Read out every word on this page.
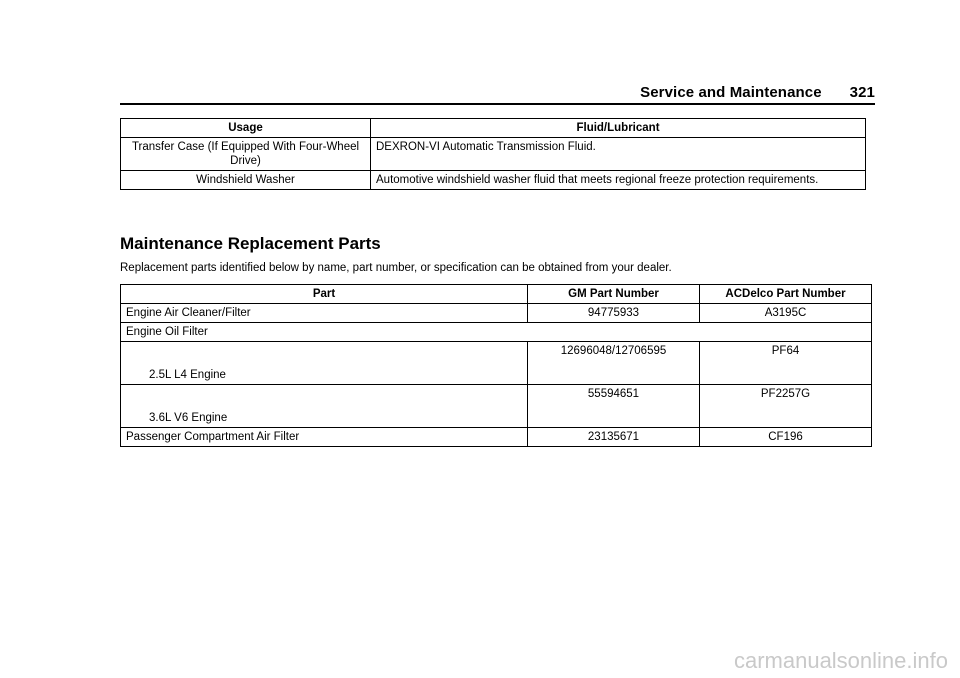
Service and Maintenance 321
Usage	Fluid/Lubricant
Transfer Case (If Equipped With Four-Wheel Drive)	DEXRON-VI Automatic Transmission Fluid.
Windshield Washer	Automotive windshield washer fluid that meets regional freeze protection requirements.
Maintenance Replacement Parts
Replacement parts identified below by name, part number, or specification can be obtained from your dealer.
Part	GM Part Number	ACDelco Part Number
Engine Air Cleaner/Filter	94775933	A3195C
Engine Oil Filter		
2.5L L4 Engine	12696048/12706595	PF64
3.6L V6 Engine	55594651	PF2257G
Passenger Compartment Air Filter	23135671	CF196
carmanualsonline.info
